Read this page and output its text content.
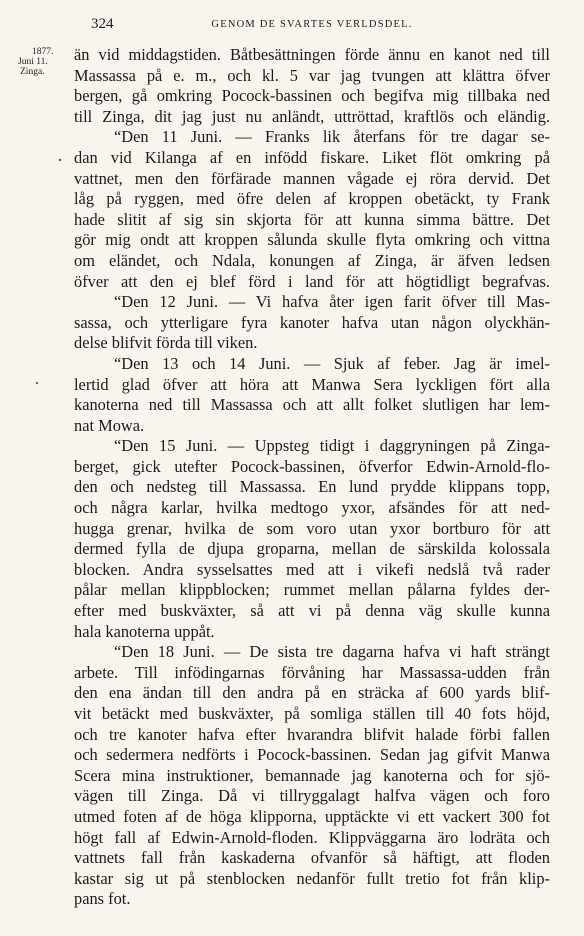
324	GENOM DE SVARTES VERLDSDEL.
1877.
Juni 11.
Zinga.
än vid middagstiden. Båtbesättningen förde ännu en kanot ned till
Massassa på e. m., och kl. 5 var jag tvungen att klättra öfver
bergen, gå omkring Pocock-bassinen och begifva mig tillbaka ned
till Zinga, dit jag just nu anländt, uttröttad, kraftlös och eländig.
“Den 11 Juni. — Franks lik återfans för tre dagar se-
dan vid Kilanga af en infödd fiskare. Liket flöt omkring på
vattnet, men den förfärade mannen vågade ej röra dervid. Det
låg på ryggen, med öfre delen af kroppen obetäckt, ty Frank
hade slitit af sig sin skjorta för att kunna simma bättre. Det
gör mig ondt att kroppen sålunda skulle flyta omkring och vittna
om eländet, och Ndala, konungen af Zinga, är äfven ledsen
öfver att den ej blef förd i land för att högtidligt begrafvas.
“Den 12 Juni. — Vi hafva åter igen farit öfver till Mas-
sassa, och ytterligare fyra kanoter hafva utan någon olyckhän-
delse blifvit förda till viken.
“Den 13 och 14 Juni. — Sjuk af feber. Jag är imel-
lertid glad öfver att höra att Manwa Sera lyckligen fört alla
kanoterna ned till Massassa och att allt folket slutligen har lem-
nat Mowa.
“Den 15 Juni. — Uppsteg tidigt i daggryningen på Zinga-
berget, gick utefter Pocock-bassinen, öfverfor Edwin-Arnold-flo-
den och nedsteg till Massassa. En lund prydde klippans topp,
och några karlar, hvilka medtogo yxor, afsändes för att ned-
hugga grenar, hvilka de som voro utan yxor bortburo för att
dermed fylla de djupa groparna, mellan de särskilda kolossala
blocken. Andra sysselsattes med att i vikefi nedslå två rader
pålar mellan klippblocken; rummet mellan pålarna fyldes der-
efter med buskväxter, så att vi på denna väg skulle kunna
hala kanoterna uppåt.
“Den 18 Juni. — De sista tre dagarna hafva vi haft strängt
arbete. Till infödingarnas förvåning har Massassa-udden från
den ena ändan till den andra på en sträcka af 600 yards blif-
vit betäckt med buskväxter, på somliga ställen till 40 fots höjd,
och tre kanoter hafva efter hvarandra blifvit halade förbi fallen
och sedermera nedförts i Pocock-bassinen. Sedan jag gifvit Manwa
Scera mina instruktioner, bemannade jag kanoterna och for sjö-
vägen till Zinga. Då vi tillryggalagt halfva vägen och foro
utmed foten af de höga klipporna, upptäckte vi ett vackert 300 fot
högt fall af Edwin-Arnold-floden. Klippväggarna äro lodräta och
vattnets fall från kaskaderna ofvanför så häftigt, att floden
kastar sig ut på stenblocken nedanför fullt tretio fot från klip-
pans fot.
